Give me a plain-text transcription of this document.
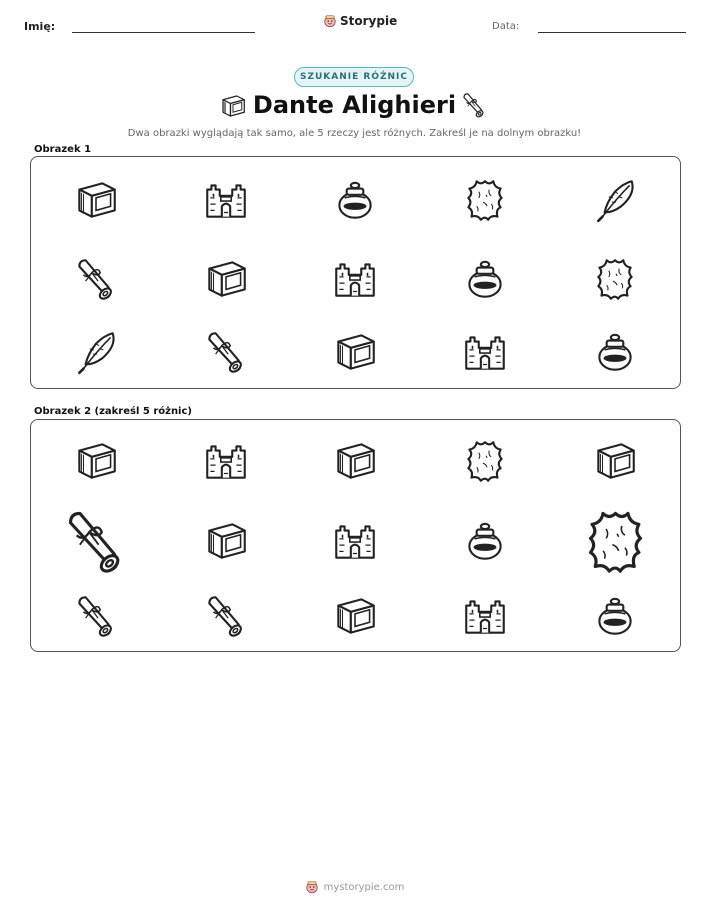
Imię:	Storypie	Data:
SZUKANIE RÓŻNIC
Dante Alighieri
Dwa obrazki wyglądają tak samo, ale 5 rzeczy jest różnych. Zakreśl je na dolnym obrazku!
Obrazek 1
Obrazek 2 (zakreśl 5 różnic)
mystorypie.com
